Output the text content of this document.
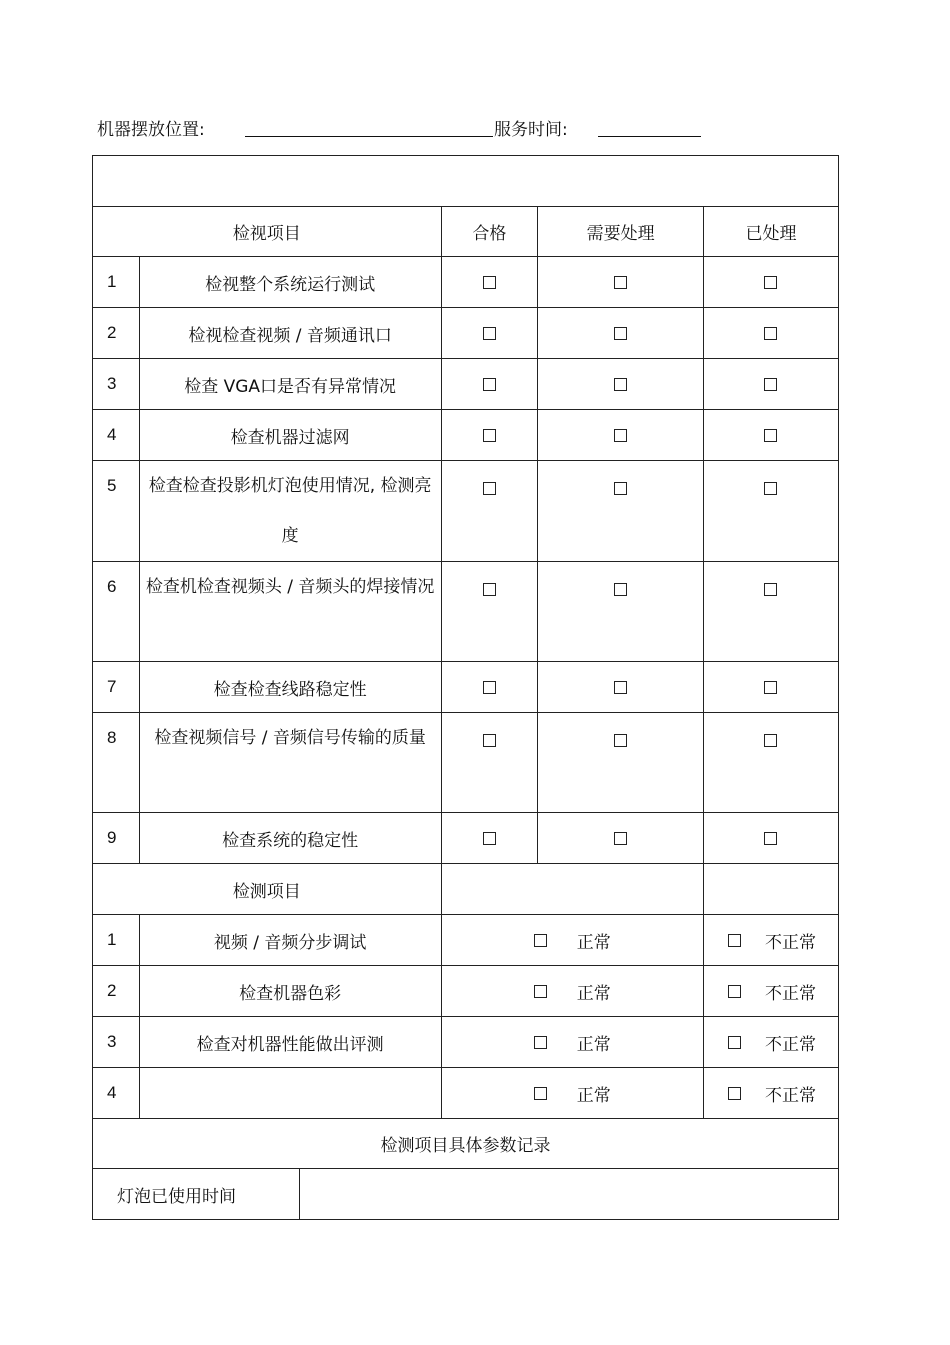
机器摆放位置:	服务时间:

检视项目			合格	需要处理	已处理
1	检视整个系统运行测试				
2	检视检查视频 / 音频通讯口				
3	检查 VGA口是否有异常情况				
4	检查机器过滤网				

5	检查检查投影机灯泡使用情况, 检测亮度				

6	检查机检查视频头 / 音频头的焊接情况				

7	检查检查线路稳定性				

8	检查视频信号 / 音频信号传输的质量				

9	检查系统的稳定性				
检测项目					
1	视频 / 音频分步调试		正常		不正常

2	检查机器色彩		正常		不正常

3	检查对机器性能做出评测		正常		不正常

4			正常		不正常

检测项目具体参数记录					
灯泡已使用时间					
